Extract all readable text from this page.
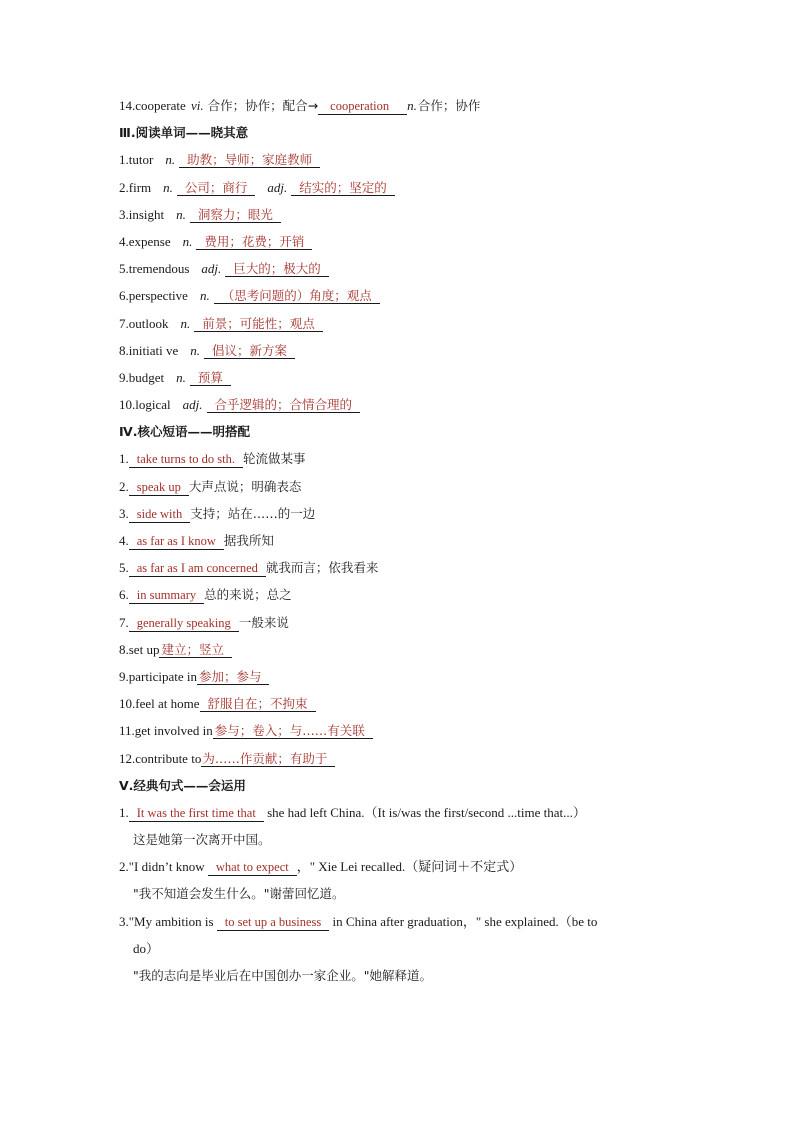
14.cooperate vi. 合作；协作；配合→ cooperation n.合作；协作
Ⅲ.阅读单词——晓其意
1.tutor n. 助教；导师；家庭教师
2.firm n. 公司；商行 adj. 结实的；坚定的
3.insight n. 洞察力；眼光
4.expense n. 费用；花费；开销
5.tremendous adj. 巨大的；极大的
6.perspective n. （思考问题的）角度；观点
7.outlook n. 前景；可能性；观点
8.initiati ve n. 倡议；新方案
9.budget n. 预算
10.logical adj. 合乎逻辑的；合情合理的
Ⅳ.核心短语——明搭配
1. take turns to do sth. 轮流做某事
2. speak up 大声点说；明确表态
3. side with 支持；站在……的一边
4. as far as I know 据我所知
5. as far as I am concerned 就我而言；依我看来
6. in summary 总的来说；总之
7. generally speaking 一般来说
8.set up 建立；竖立
9.participate in 参加；参与
10.feel at home 舒服自在；不拘束
11.get involved in 参与；卷入；与……有关联
12.contribute to为……作贡献；有助于
Ⅴ.经典句式——会运用
1. It was the first time that she had left China.（It is/was the first/second ...time that...）
这是她第一次离开中国。
2."I didn’t know what to expect ，" Xie Lei recalled.（疑问词＋不定式）
"我不知道会发生什么。"谢蕾回忆道。
3."My ambition is to set up a business in China after graduation，" she explained.（be to
do）
"我的志向是毕业后在中国创办一家企业。"她解释道。
